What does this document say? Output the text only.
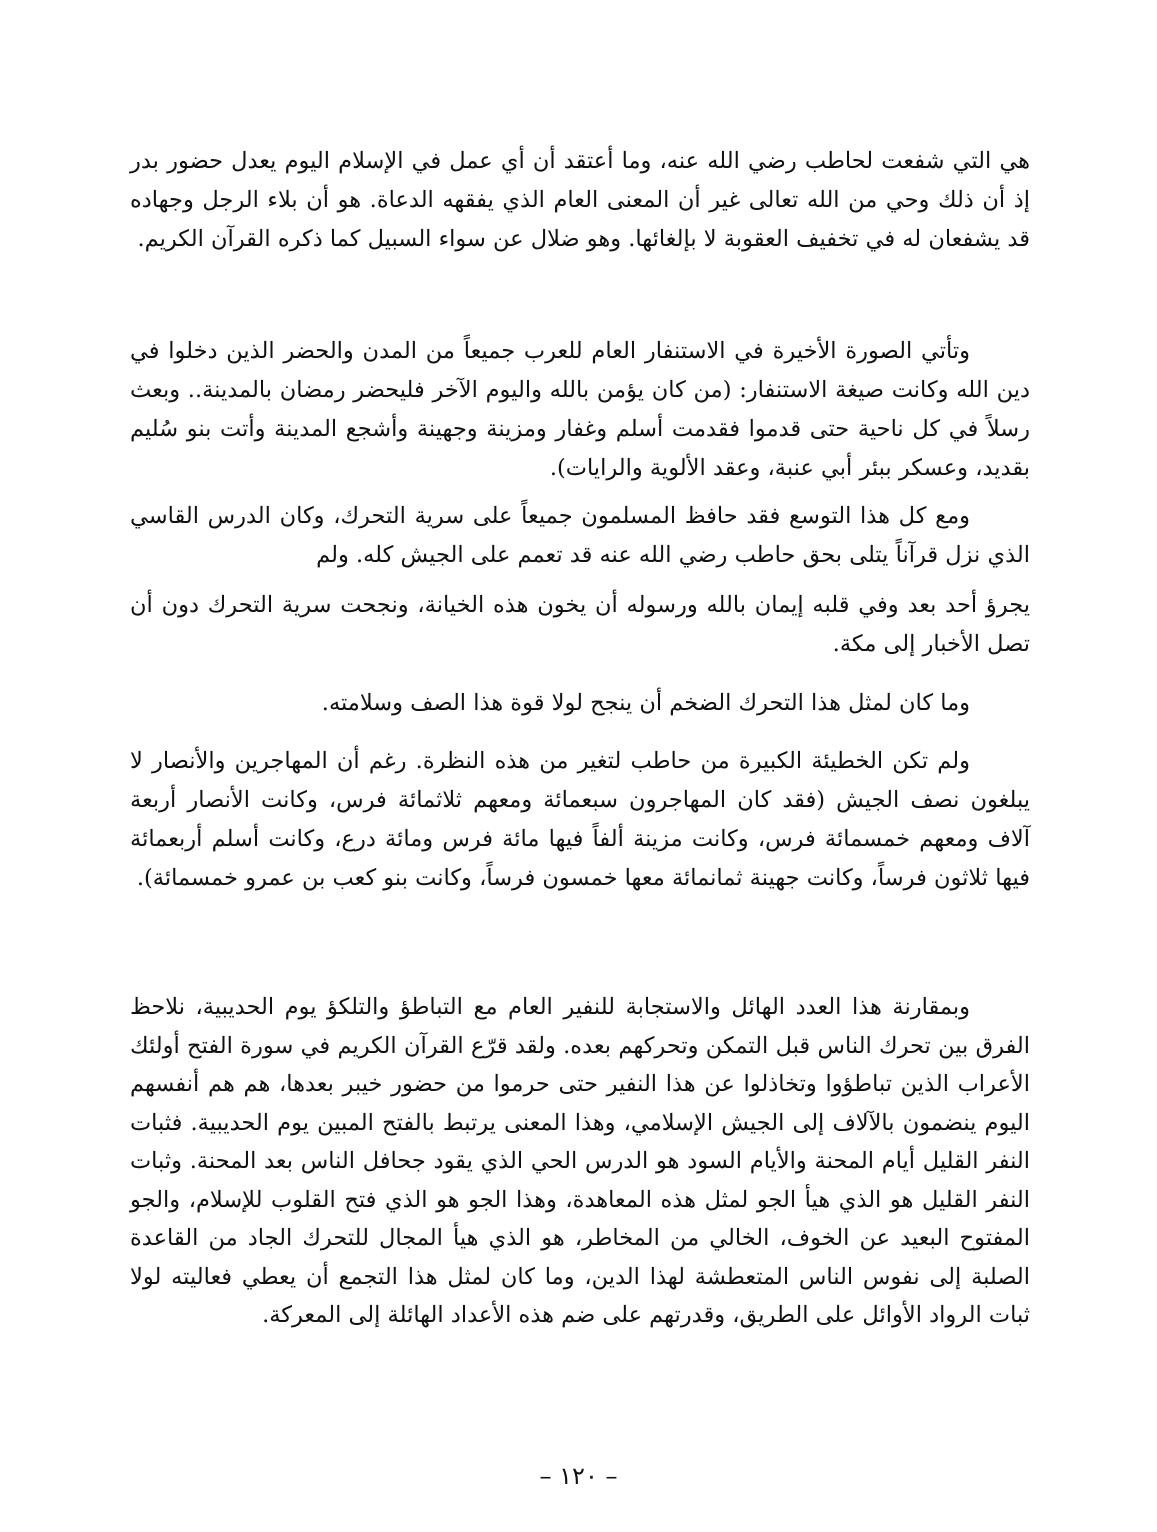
هي التي شفعت لحاطب رضي الله عنه، وما أعتقد أن أي عمل في الإسلام اليوم يعدل حضور بدر إذ أن ذلك وحي من الله تعالى غير أن المعنى العام الذي يفقهه الدعاة. هو أن بلاء الرجل وجهاده قد يشفعان له في تخفيف العقوبة لا بإلغائها. وهو ضلال عن سواء السبيل كما ذكره القرآن الكريم.

وتأتي الصورة الأخيرة في الاستنفار العام للعرب جميعاً من المدن والحضر الذين دخلوا في دين الله وكانت صيغة الاستنفار: (من كان يؤمن بالله واليوم الآخر فليحضر رمضان بالمدينة.. وبعث رسلاً في كل ناحية حتى قدموا فقدمت أسلم وغفار ومزينة وجهينة وأشجع المدينة وأتت بنو سُليم بقديد، وعسكر ببئر أبي عنبة، وعقد الألوية والرايات).

ومع كل هذا التوسع فقد حافظ المسلمون جميعاً على سرية التحرك، وكان الدرس القاسي الذي نزل قرآناً يتلى بحق حاطب رضي الله عنه قد تعمم على الجيش كله. ولم

يجرؤ أحد بعد وفي قلبه إيمان بالله ورسوله أن يخون هذه الخيانة، ونجحت سرية التحرك دون أن تصل الأخبار إلى مكة.

وما كان لمثل هذا التحرك الضخم أن ينجح لولا قوة هذا الصف وسلامته.

ولم تكن الخطيئة الكبيرة من حاطب لتغير من هذه النظرة. رغم أن المهاجرين والأنصار لا يبلغون نصف الجيش (فقد كان المهاجرون سبعمائة ومعهم ثلاثمائة فرس، وكانت الأنصار أربعة آلاف ومعهم خمسمائة فرس، وكانت مزينة ألفاً فيها مائة فرس ومائة درع، وكانت أسلم أربعمائة فيها ثلاثون فرساً، وكانت جهينة ثمانمائة معها خمسون فرساً، وكانت بنو كعب بن عمرو خمسمائة).

وبمقارنة هذا العدد الهائل والاستجابة للنفير العام مع التباطؤ والتلكؤ يوم الحديبية، نلاحظ الفرق بين تحرك الناس قبل التمكن وتحركهم بعده. ولقد قرّع القرآن الكريم في سورة الفتح أولئك الأعراب الذين تباطؤوا وتخاذلوا عن هذا النفير حتى حرموا من حضور خيبر بعدها، هم هم أنفسهم اليوم ينضمون بالآلاف إلى الجيش الإسلامي، وهذا المعنى يرتبط بالفتح المبين يوم الحديبية. فثبات النفر القليل أيام المحنة والأيام السود هو الدرس الحي الذي يقود جحافل الناس بعد المحنة. وثبات النفر القليل هو الذي هيأ الجو لمثل هذه المعاهدة، وهذا الجو هو الذي فتح القلوب للإسلام، والجو المفتوح البعيد عن الخوف، الخالي من المخاطر، هو الذي هيأ المجال للتحرك الجاد من القاعدة الصلبة إلى نفوس الناس المتعطشة لهذا الدين، وما كان لمثل هذا التجمع أن يعطي فعاليته لولا ثبات الرواد الأوائل على الطريق، وقدرتهم على ضم هذه الأعداد الهائلة إلى المعركة.

– ١٢٠ –
